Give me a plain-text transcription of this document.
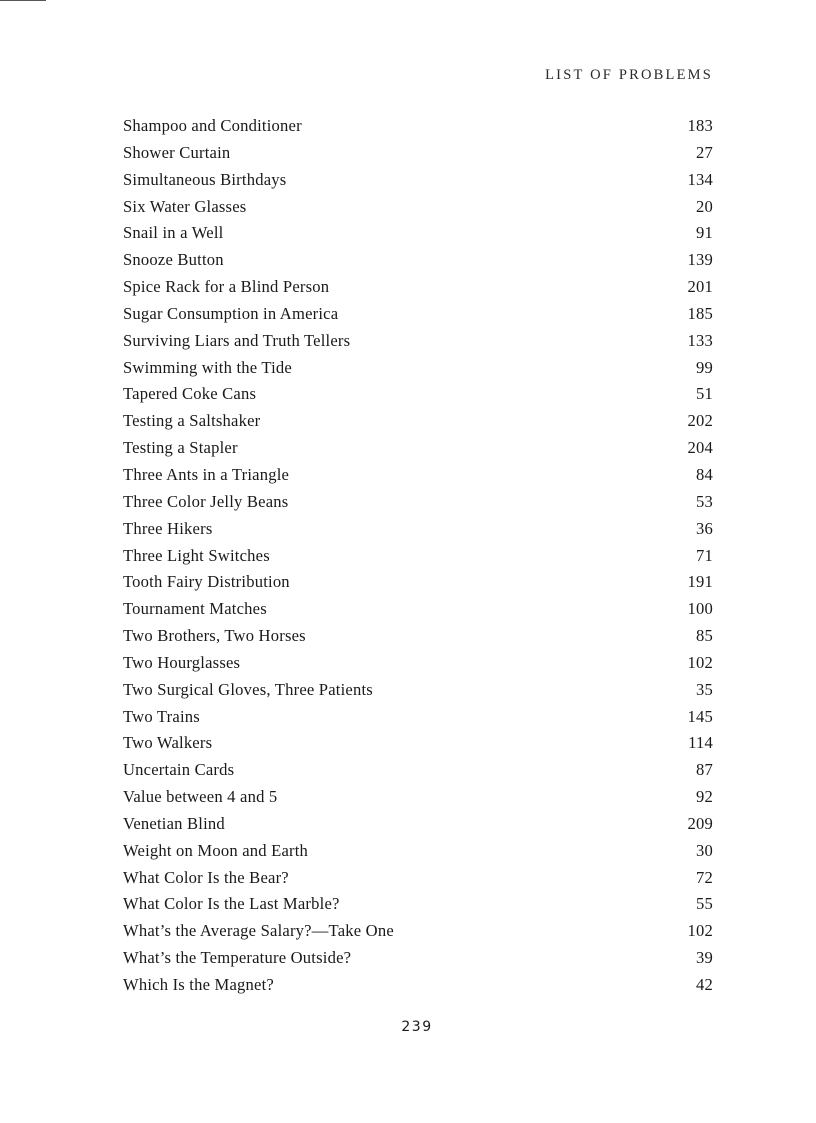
LIST OF PROBLEMS
Shampoo and Conditioner	183
Shower Curtain	27
Simultaneous Birthdays	134
Six Water Glasses	20
Snail in a Well	91
Snooze Button	139
Spice Rack for a Blind Person	201
Sugar Consumption in America	185
Surviving Liars and Truth Tellers	133
Swimming with the Tide	99
Tapered Coke Cans	51
Testing a Saltshaker	202
Testing a Stapler	204
Three Ants in a Triangle	84
Three Color Jelly Beans	53
Three Hikers	36
Three Light Switches	71
Tooth Fairy Distribution	191
Tournament Matches	100
Two Brothers, Two Horses	85
Two Hourglasses	102
Two Surgical Gloves, Three Patients	35
Two Trains	145
Two Walkers	114
Uncertain Cards	87
Value between 4 and 5	92
Venetian Blind	209
Weight on Moon and Earth	30
What Color Is the Bear?	72
What Color Is the Last Marble?	55
What’s the Average Salary?—Take One	102
What’s the Temperature Outside?	39
Which Is the Magnet?	42
239
